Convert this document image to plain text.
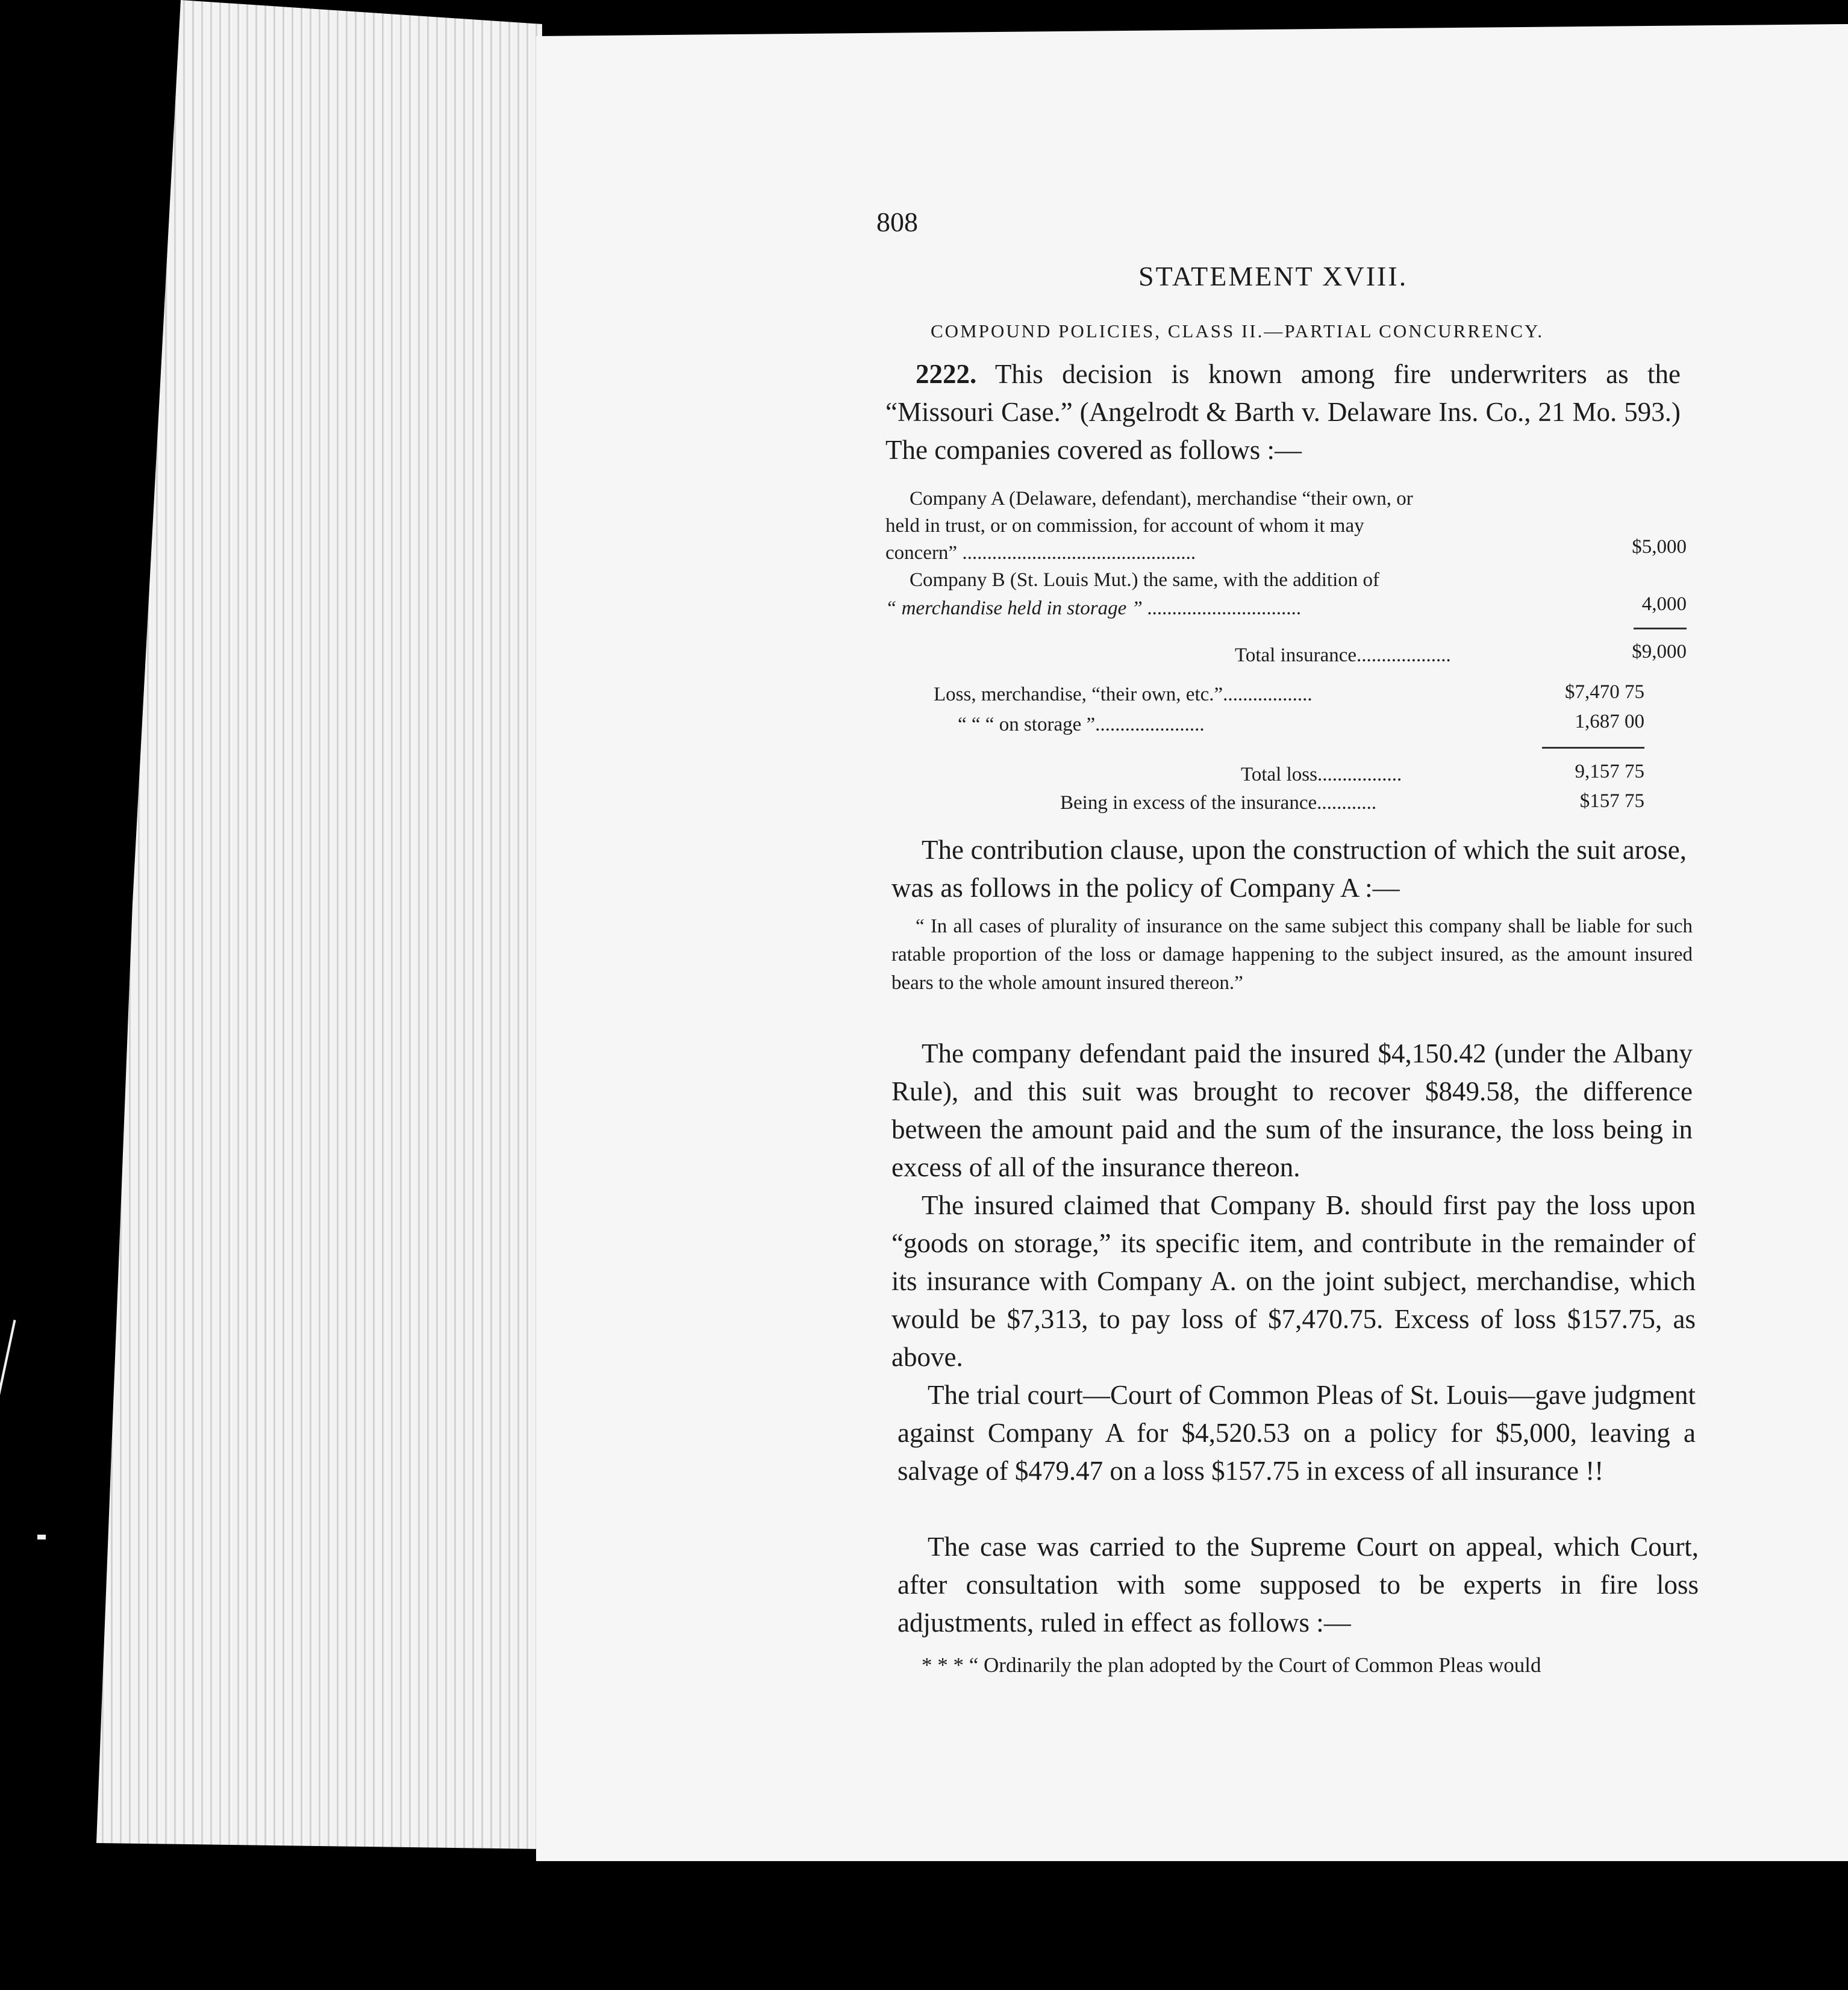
808
STATEMENT XVIII.
COMPOUND POLICIES, CLASS II.—PARTIAL CONCURRENCY.
2222. This decision is known among fire underwriters as the “Missouri Case.” (Angelrodt & Barth v. Delaware Ins. Co., 21 Mo. 593.) The companies covered as follows :—
Company A (Delaware, defendant), merchandise “their own, or
held in trust, or on commission, for account of whom it may
concern” ...............................................	$5,000
Company B (St. Louis Mut.) the same, with the addition of
“ merchandise held in storage ” ...............................	4,000
Total insurance...................	$9,000
Loss, merchandise, “their own, etc.”..................	$7,470 75
“ “ “ on storage ”......................	1,687 00
Total loss.................	9,157 75
Being in excess of the insurance............	$157 75
The contribution clause, upon the construction of which the suit arose, was as follows in the policy of Company A :—
“ In all cases of plurality of insurance on the same subject this company shall be liable for such ratable proportion of the loss or damage happening to the subject insured, as the amount insured bears to the whole amount insured thereon.”
The company defendant paid the insured $4,150.42 (under the Albany Rule), and this suit was brought to recover $849.58, the difference between the amount paid and the sum of the insurance, the loss being in excess of all of the insurance thereon.
The insured claimed that Company B. should first pay the loss upon “goods on storage,” its specific item, and contribute in the remainder of its insurance with Company A. on the joint subject, merchandise, which would be $7,313, to pay loss of $7,470.75. Excess of loss $157.75, as above.
The trial court—Court of Common Pleas of St. Louis—gave judgment against Company A for $4,520.53 on a policy for $5,000, leaving a salvage of $479.47 on a loss $157.75 in excess of all insurance !!
The case was carried to the Supreme Court on appeal, which Court, after consultation with some supposed to be experts in fire loss adjustments, ruled in effect as follows :—
* * * “ Ordinarily the plan adopted by the Court of Common Pleas would
